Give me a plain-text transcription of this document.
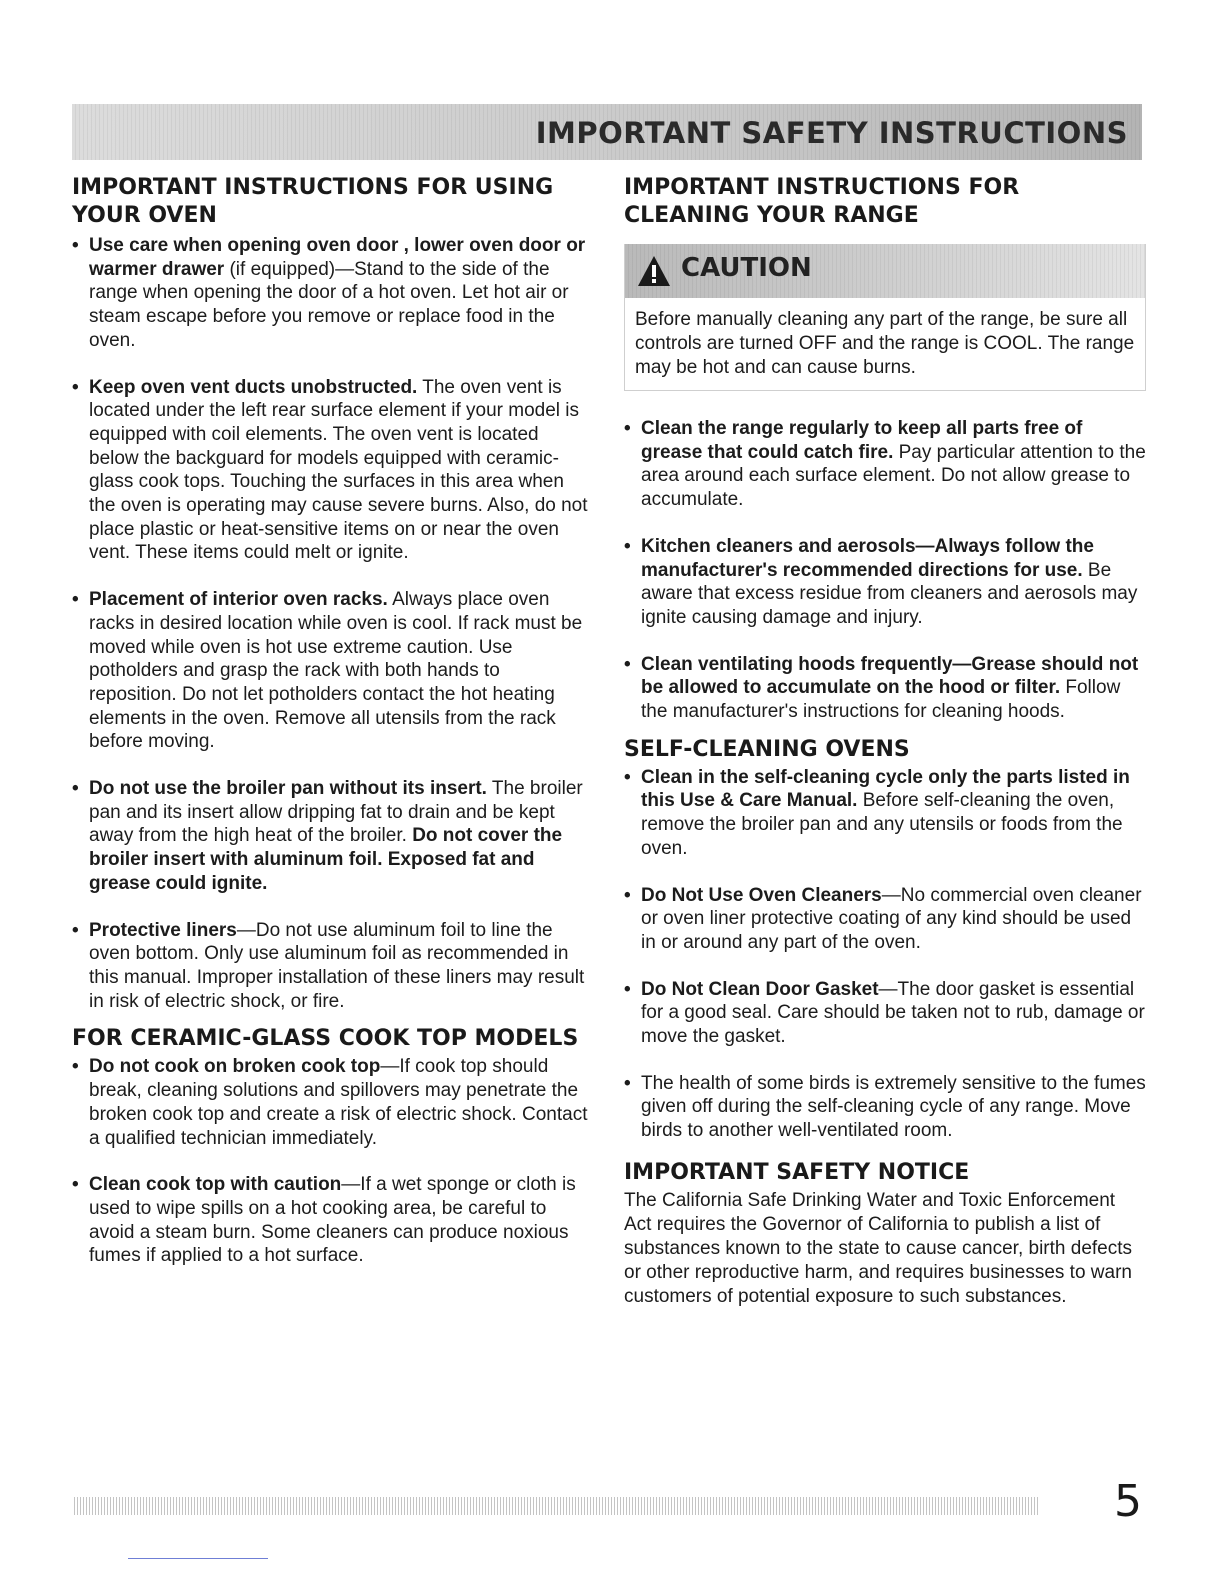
IMPORTANT SAFETY INSTRUCTIONS
IMPORTANT INSTRUCTIONS FOR USING YOUR OVEN

• Use care when opening oven door , lower oven door or warmer drawer (if equipped)—Stand to the side of the range when opening the door of a hot oven. Let hot air or steam escape before you remove or replace food in the oven.

• Keep oven vent ducts unobstructed. The oven vent is located under the left rear surface element if your model is equipped with coil elements. The oven vent is located below the backguard for models equipped with ceramic-glass cook tops. Touching the surfaces in this area when the oven is operating may cause severe burns. Also, do not place plastic or heat-sensitive items on or near the oven vent. These items could melt or ignite.

• Placement of interior oven racks. Always place oven racks in desired location while oven is cool. If rack must be moved while oven is hot use extreme caution. Use potholders and grasp the rack with both hands to reposition. Do not let potholders contact the hot heating elements in the oven. Remove all utensils from the rack before moving.

• Do not use the broiler pan without its insert. The broiler pan and its insert allow dripping fat to drain and be kept away from the high heat of the broiler. Do not cover the broiler insert with aluminum foil. Exposed fat and grease could ignite.

• Protective liners—Do not use aluminum foil to line the oven bottom. Only use aluminum foil as recommended in this manual. Improper installation of these liners may result in risk of electric shock, or fire.

FOR CERAMIC-GLASS COOK TOP MODELS

• Do not cook on broken cook top—If cook top should break, cleaning solutions and spillovers may penetrate the broken cook top and create a risk of electric shock. Contact a qualified technician immediately.

• Clean cook top with caution—If a wet sponge or cloth is used to wipe spills on a hot cooking area, be careful to avoid a steam burn. Some cleaners can produce noxious fumes if applied to a hot surface.

IMPORTANT INSTRUCTIONS FOR CLEANING YOUR RANGE
CAUTION
Before manually cleaning any part of the range, be sure all controls are turned OFF and the range is COOL. The range may be hot and can cause burns.

• Clean the range regularly to keep all parts free of grease that could catch fire. Pay particular attention to the area around each surface element. Do not allow grease to accumulate.

• Kitchen cleaners and aerosols—Always follow the manufacturer's recommended directions for use. Be aware that excess residue from cleaners and aerosols may ignite causing damage and injury.

• Clean ventilating hoods frequently—Grease should not be allowed to accumulate on the hood or filter. Follow the manufacturer's instructions for cleaning hoods.

SELF-CLEANING OVENS

• Clean in the self-cleaning cycle only the parts listed in this Use & Care Manual. Before self-cleaning the oven, remove the broiler pan and any utensils or foods from the oven.

• Do Not Use Oven Cleaners—No commercial oven cleaner or oven liner protective coating of any kind should be used in or around any part of the oven.

• Do Not Clean Door Gasket—The door gasket is essential for a good seal. Care should be taken not to rub, damage or move the gasket.

• The health of some birds is extremely sensitive to the fumes given off during the self-cleaning cycle of any range. Move birds to another well-ventilated room.

IMPORTANT SAFETY NOTICE

The California Safe Drinking Water and Toxic Enforcement Act requires the Governor of California to publish a list of substances known to the state to cause cancer, birth defects or other reproductive harm, and requires businesses to warn customers of potential exposure to such substances.

5
